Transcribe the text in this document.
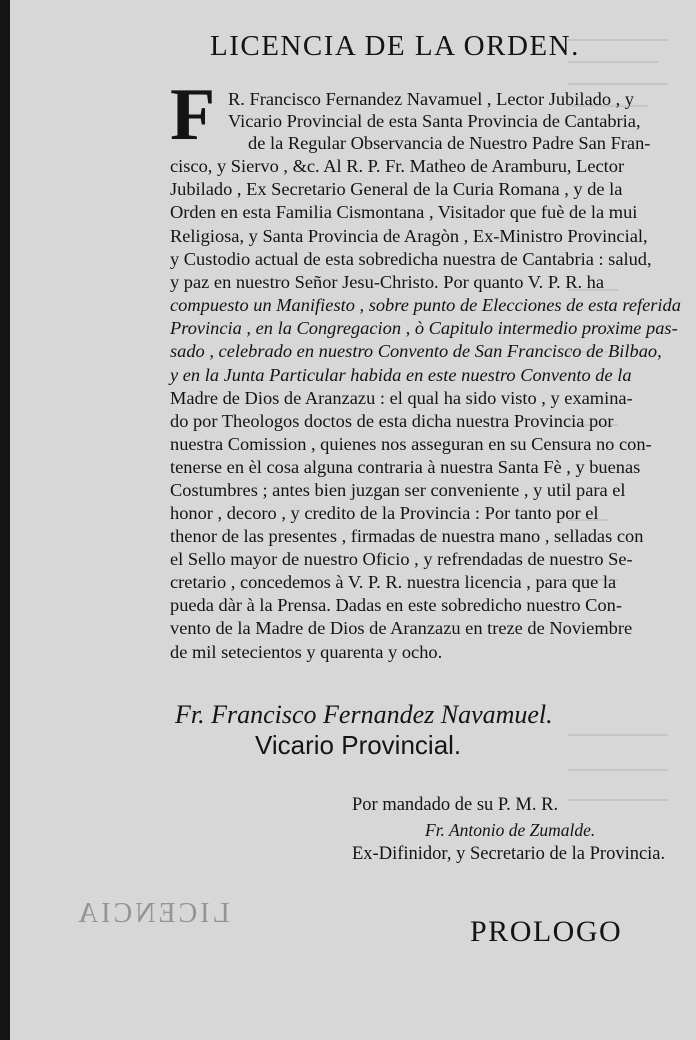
LICENCIA DE LA ORDEN.
F R. Francisco Fernandez Navamuel , Lector Jubilado , y
Vicario Provincial de esta Santa Provincia de Cantabria,
de la Regular Observancia de Nuestro Padre San Fran-
cisco, y Siervo , &c. Al R. P. Fr. Matheo de Aramburu, Lector
Jubilado , Ex Secretario General de la Curia Romana , y de la
Orden en esta Familia Cismontana , Visitador que fuè de la mui
Religiosa, y Santa Provincia de Aragòn , Ex-Ministro Provincial,
y Custodio actual de esta sobredicha nuestra de Cantabria : salud,
y paz en nuestro Señor Jesu-Christo. Por quanto V. P. R. ha
compuesto un Manifiesto , sobre punto de Elecciones de esta referida
Provincia , en la Congregacion , ò Capitulo intermedio proxime pas-
sado , celebrado en nuestro Convento de San Francisco de Bilbao,
y en la Junta Particular habida en este nuestro Convento de la
Madre de Dios de Aranzazu : el qual ha sido visto , y examina-
do por Theologos doctos de esta dicha nuestra Provincia por
nuestra Comission , quienes nos asseguran en su Censura no con-
tenerse en èl cosa alguna contraria à nuestra Santa Fè , y buenas
Costumbres ; antes bien juzgan ser conveniente , y util para el
honor , decoro , y credito de la Provincia : Por tanto por el
thenor de las presentes , firmadas de nuestra mano , selladas con
el Sello mayor de nuestro Oficio , y refrendadas de nuestro Se-
cretario , concedemos à V. P. R. nuestra licencia , para que la
pueda dàr à la Prensa. Dadas en este sobredicho nuestro Con-
vento de la Madre de Dios de Aranzazu en treze de Noviembre
de mil setecientos y quarenta y ocho.
Fr. Francisco Fernandez Navamuel.
Vicario Provincial.
Por mandado de su P. M. R.
Fr. Antonio de Zumalde.
Ex-Difinidor, y Secretario de la Provincia.
LICENCIA
PROLOGO
